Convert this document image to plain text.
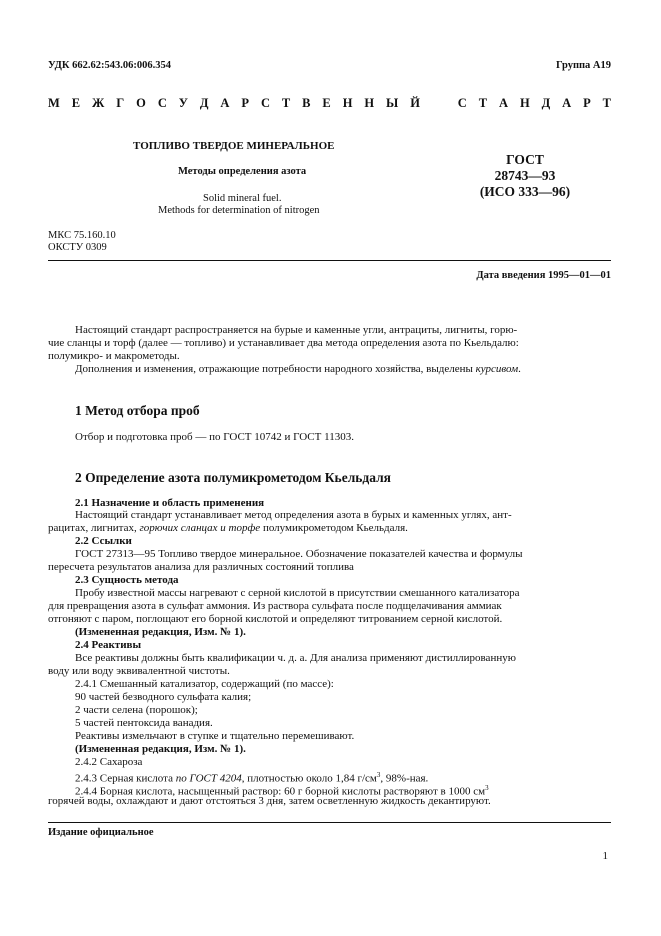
УДК 662.62:543.06:006.354	Группа А19
М Е Ж Г О С У Д А Р С Т В Е Н Н Ы Й	С Т А Н Д А Р Т
ТОПЛИВО ТВЕРДОЕ МИНЕРАЛЬНОЕ
Методы определения азота
Solid mineral fuel.
Methods for determination of nitrogen
ГОСТ
28743—93
(ИСО 333—96)
МКС 75.160.10
ОКСТУ 0309
Дата введения 1995—01—01
Настоящий стандарт распространяется на бурые и каменные угли, антрациты, лигниты, горю-
чие сланцы и торф (далее — топливо) и устанавливает два метода определения азота по Кьельдалю:
полумикро- и макрометоды.
Дополнения и изменения, отражающие потребности народного хозяйства, выделены курсивом.
1 Метод отбора проб
Отбор и подготовка проб — по ГОСТ 10742 и ГОСТ 11303.
2 Определение азота полумикрометодом Кьельдаля
2.1 Назначение и область применения
Настоящий стандарт устанавливает метод определения азота в бурых и каменных углях, ант-
рацитах, лигнитах, горючих сланцах и торфе полумикрометодом Кьельдаля.
2.2 Ссылки
ГОСТ 27313—95 Топливо твердое минеральное. Обозначение показателей качества и формулы
пересчета результатов анализа для различных состояний топлива
2.3 Сущность метода
Пробу известной массы нагревают с серной кислотой в присутствии смешанного катализатора
для превращения азота в сульфат аммония. Из раствора сульфата после подщелачивания аммиак
отгоняют с паром, поглощают его борной кислотой и определяют титрованием серной кислотой.
(Измененная редакция, Изм. № 1).
2.4 Реактивы
Все реактивы должны быть квалификации ч. д. а. Для анализа применяют дистиллированную
воду или воду эквивалентной чистоты.
2.4.1 Смешанный катализатор, содержащий (по массе):
90 частей безводного сульфата калия;
2 части селена (порошок);
5 частей пентоксида ванадия.
Реактивы измельчают в ступке и тщательно перемешивают.
(Измененная редакция, Изм. № 1).
2.4.2 Сахароза
2.4.3 Серная кислота по ГОСТ 4204, плотностью около 1,84 $г/см^3$, 98%-ная.
2.4.4 Борная кислота, насыщенный раствор: 60 г борной кислоты растворяют в 1000 $см^3$
горячей воды, охлаждают и дают отстояться 3 дня, затем осветленную жидкость декантируют.
Издание официальное
1
